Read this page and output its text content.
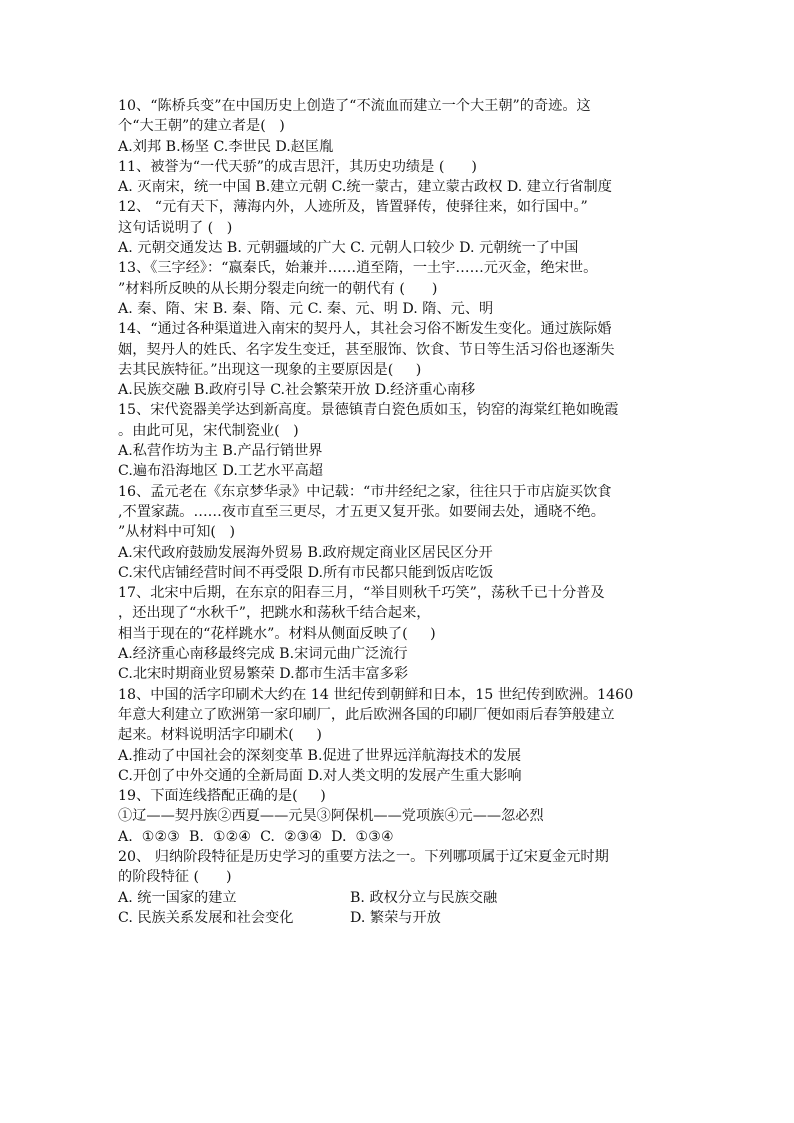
10、“陈桥兵变”在中国历史上创造了“不流血而建立一个大王朝”的奇迹。这
个“大王朝”的建立者是(   )
A.刘邦 B.杨坚 C.李世民 D.赵匡胤
11、被誉为“一代天骄”的成吉思汗，其历史功绩是 (      )
A. 灭南宋，统一中国 B.建立元朝 C.统一蒙古，建立蒙古政权 D. 建立行省制度
12、 “元有天下，薄海内外，人迹所及，皆置驿传，使驿往来，如行国中。”
这句话说明了 (   )
A. 元朝交通发达 B. 元朝疆域的广大 C. 元朝人口较少 D. 元朝统一了中国
13、《三字经》：“嬴秦氏，始兼并……逍至隋，一土宇……元灭金，绝宋世。
”材料所反映的从长期分裂走向统一的朝代有 (      )
A. 秦、隋、宋 B. 秦、隋、元 C. 秦、元、明 D. 隋、元、明
14、“通过各种渠道进入南宋的契丹人，其社会习俗不断发生变化。通过族际婚
姻，契丹人的姓氏、名字发生变迁，甚至服饰、饮食、节日等生活习俗也逐渐失
去其民族特征。”出现这一现象的主要原因是(     )
A.民族交融 B.政府引导 C.社会繁荣开放 D.经济重心南移
15、宋代瓷器美学达到新高度。景德镇青白瓷色质如玉，钧窑的海棠红艳如晚霞
。由此可见，宋代制瓷业(   )
A.私营作坊为主 B.产品行销世界
C.遍布沿海地区 D.工艺水平高超
16、孟元老在《东京梦华录》中记载：“市井经纪之家，往往只于市店旋买饮食
,不置家蔬。……夜市直至三更尽，才五更又复开张。如要闹去处，通晓不绝。
”从材料中可知(   )
A.宋代政府鼓励发展海外贸易 B.政府规定商业区居民区分开
C.宋代店铺经营时间不再受限 D.所有市民都只能到饭店吃饭
17、北宋中后期，在东京的阳春三月，“举目则秋千巧笑”，荡秋千已十分普及
，还出现了“水秋千”，把跳水和荡秋千结合起来，
相当于现在的“花样跳水”。材料从侧面反映了(     )
A.经济重心南移最终完成 B.宋词元曲广泛流行
C.北宋时期商业贸易繁荣 D.都市生活丰富多彩
18、中国的活字印刷术大约在 14 世纪传到朝鲜和日本，15 世纪传到欧洲。1460
年意大利建立了欧洲第一家印刷厂，此后欧洲各国的印刷厂便如雨后春笋般建立
起来。材料说明活字印刷术(     )
A.推动了中国社会的深刻变革 B.促进了世界远洋航海技术的发展
C.开创了中外交通的全新局面 D.对人类文明的发展产生重大影响
19、下面连线搭配正确的是(     )
①辽——契丹族②西夏——元昊③阿保机——党项族④元——忽必烈
A.  ①②③  B.  ①②④  C.  ②③④  D.  ①③④
20、 归纳阶段特征是历史学习的重要方法之一。下列哪项属于辽宋夏金元时期
的阶段特征 (      )

A. 统一国家的建立

	B. 政权分立与民族交融

C. 民族关系发展和社会变化

	D. 繁荣与开放
